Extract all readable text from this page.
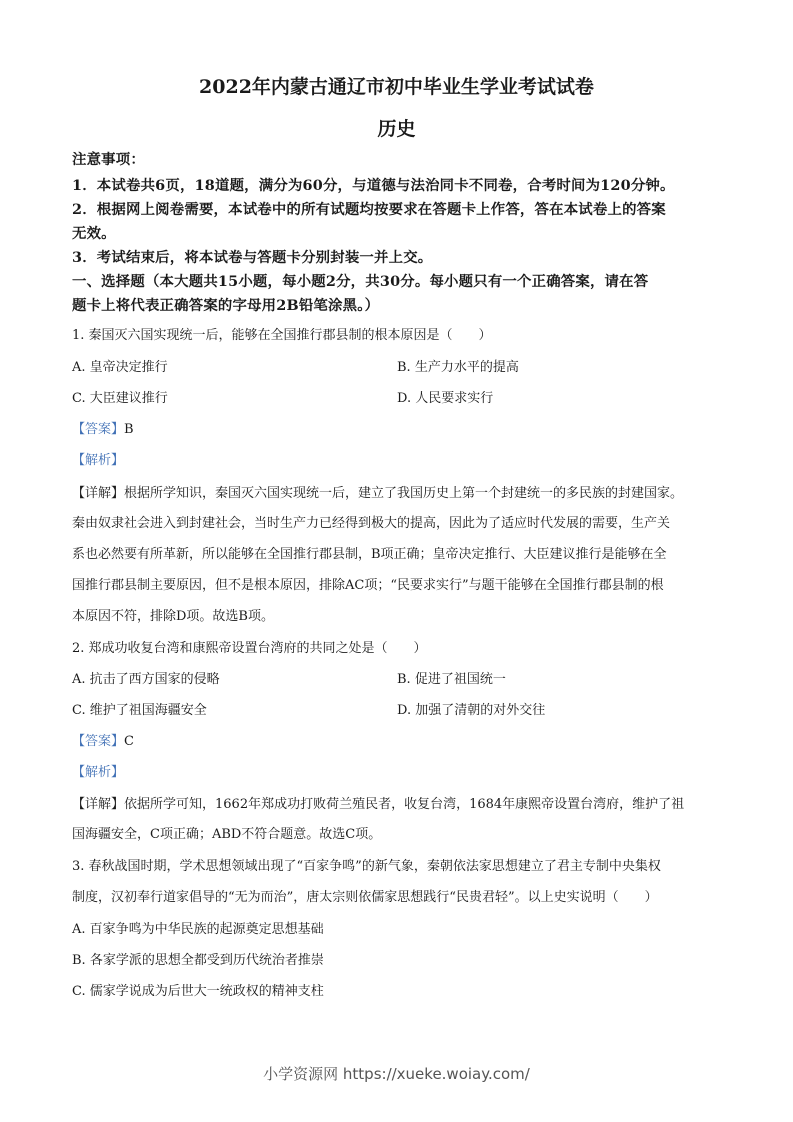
2022年内蒙古通辽市初中毕业生学业考试试卷
历史
注意事项：
1．本试卷共6页，18道题，满分为60分，与道德与法治同卡不同卷，合考时间为120分钟。
2．根据网上阅卷需要，本试卷中的所有试题均按要求在答题卡上作答，答在本试卷上的答案
无效。
3．考试结束后，将本试卷与答题卡分别封装一并上交。
一、选择题（本大题共15小题，每小题2分，共30分。每小题只有一个正确答案，请在答
题卡上将代表正确答案的字母用2B铅笔涂黑。）
1. 秦国灭六国实现统一后，能够在全国推行郡县制的根本原因是（　　）
A. 皇帝决定推行	B. 生产力水平的提高
C. 大臣建议推行	D. 人民要求实行
【答案】B
【解析】
【详解】根据所学知识，秦国灭六国实现统一后，建立了我国历史上第一个封建统一的多民族的封建国家。
秦由奴隶社会进入到封建社会，当时生产力已经得到极大的提高，因此为了适应时代发展的需要，生产关
系也必然要有所革新，所以能够在全国推行郡县制，B项正确；皇帝决定推行、大臣建议推行是能够在全
国推行郡县制主要原因，但不是根本原因，排除AC项；“民要求实行”与题干能够在全国推行郡县制的根
本原因不符，排除D项。故选B项。
2. 郑成功收复台湾和康熙帝设置台湾府的共同之处是（　　）
A. 抗击了西方国家的侵略	B. 促进了祖国统一
C. 维护了祖国海疆安全	D. 加强了清朝的对外交往
【答案】C
【解析】
【详解】依据所学可知，1662年郑成功打败荷兰殖民者，收复台湾，1684年康熙帝设置台湾府，维护了祖
国海疆安全，C项正确；ABD不符合题意。故选C项。
3. 春秋战国时期，学术思想领域出现了“百家争鸣”的新气象，秦朝依法家思想建立了君主专制中央集权
制度，汉初奉行道家倡导的“无为而治”，唐太宗则依儒家思想践行“民贵君轻”。以上史实说明（　　）
A. 百家争鸣为中华民族的起源奠定思想基础
B. 各家学派的思想全都受到历代统治者推崇
C. 儒家学说成为后世大一统政权的精神支柱
小学资源网 https://xueke.woiay.com/
